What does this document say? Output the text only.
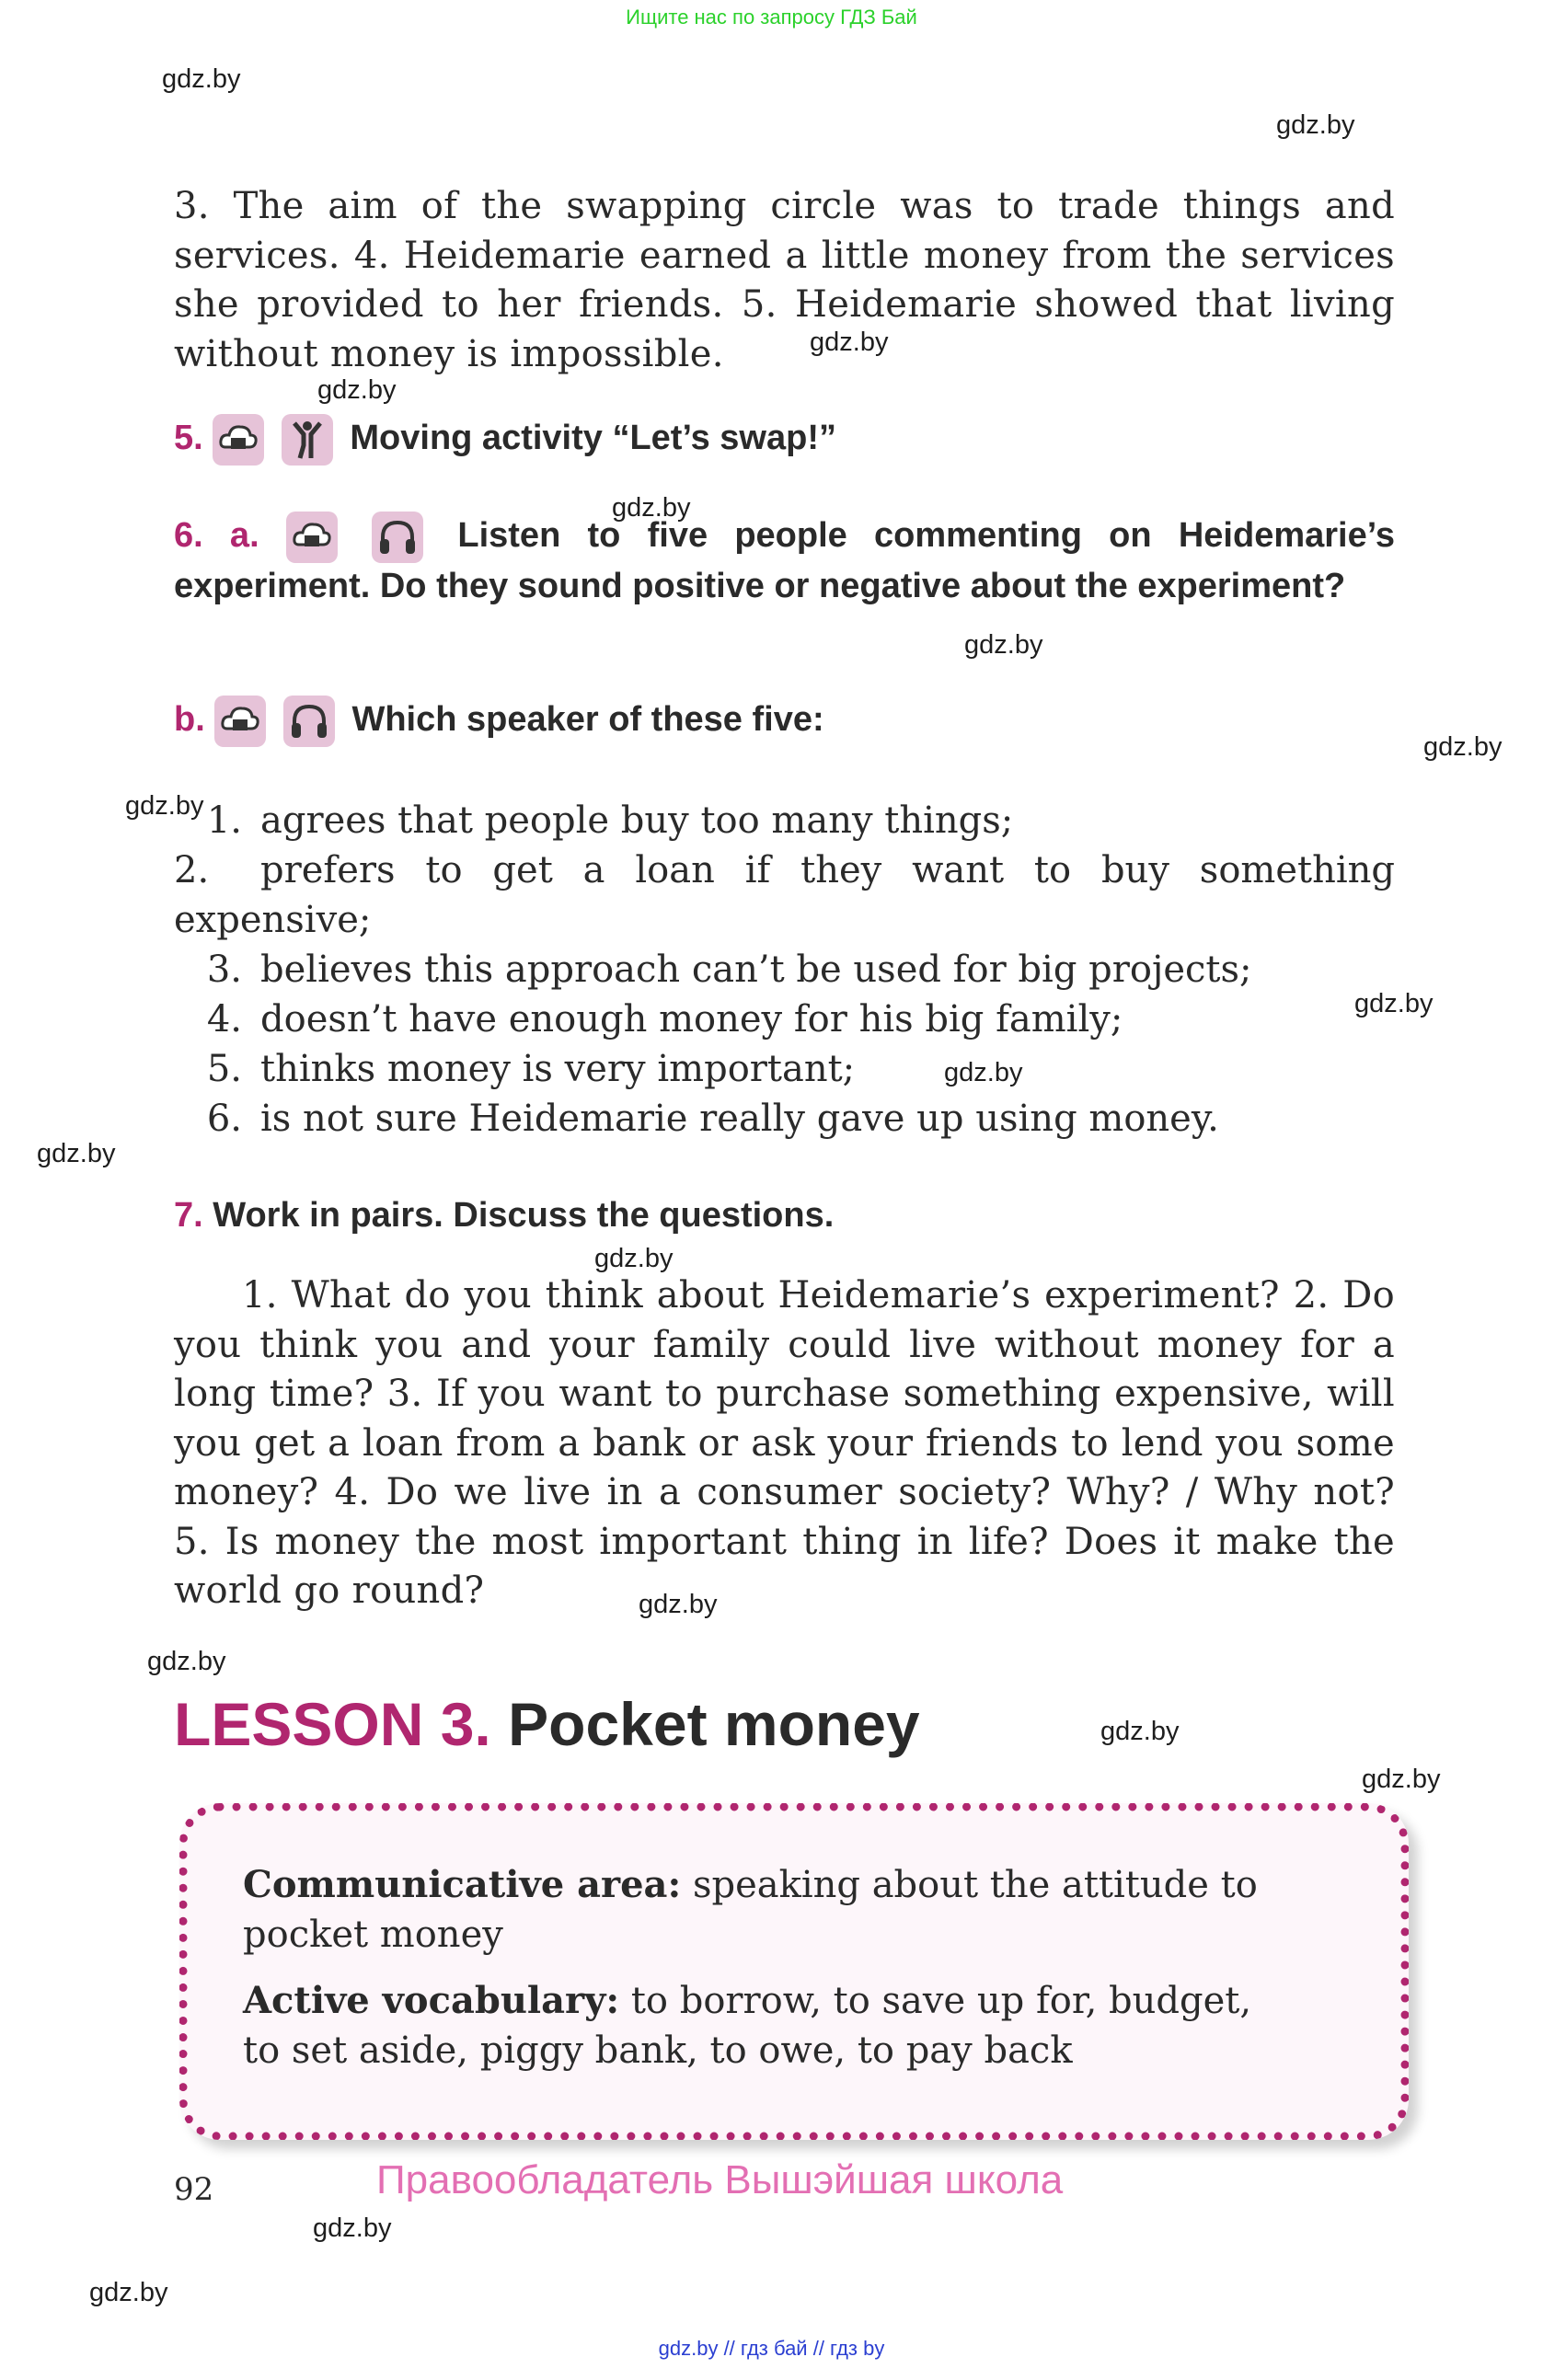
Ищите нас по запросу ГДЗ Бай
gdz.by
gdz.by
gdz.by
gdz.by
gdz.by
gdz.by
gdz.by
gdz.by
gdz.by
gdz.by
gdz.by
gdz.by
gdz.by
gdz.by
gdz.by
gdz.by
gdz.by
gdz.by
3. The aim of the swapping circle was to trade things and services. 4. Heidemarie earned a little money from the services she provided to her friends. 5. Heidemarie showed that living without money is impossible.
5.
	Moving activity “Let’s swap!”
6. a.
	Listen to five people commenting on Heidemarie’s experiment. Do they sound positive or negative about the experiment?
b.
	Which speaker of these five:
1. agrees that people buy too many things;
2. prefers to get a loan if they want to buy something
expensive;
3. believes this approach can’t be used for big projects;
4. doesn’t have enough money for his big family;
5. thinks money is very important;
6. is not sure Heidemarie really gave up using money.
7. Work in pairs. Discuss the questions.
1. What do you think about Heidemarie’s experiment? 2. Do you think you and your family could live without money for a long time? 3. If you want to purchase something expensive, will you get a loan from a bank or ask your friends to lend you some money? 4. Do we live in a consumer society? Why? / Why not? 5. Is money the most important thing in life? Does it make the world go round?
LESSON 3. Pocket money
Communicative area: speaking about the attitude to
pocket money
Active vocabulary: to borrow, to save up for, budget,
to set aside, piggy bank, to owe, to pay back
92	Правообладатель Вышэйшая школа
gdz.by // гдз бай // гдз by
